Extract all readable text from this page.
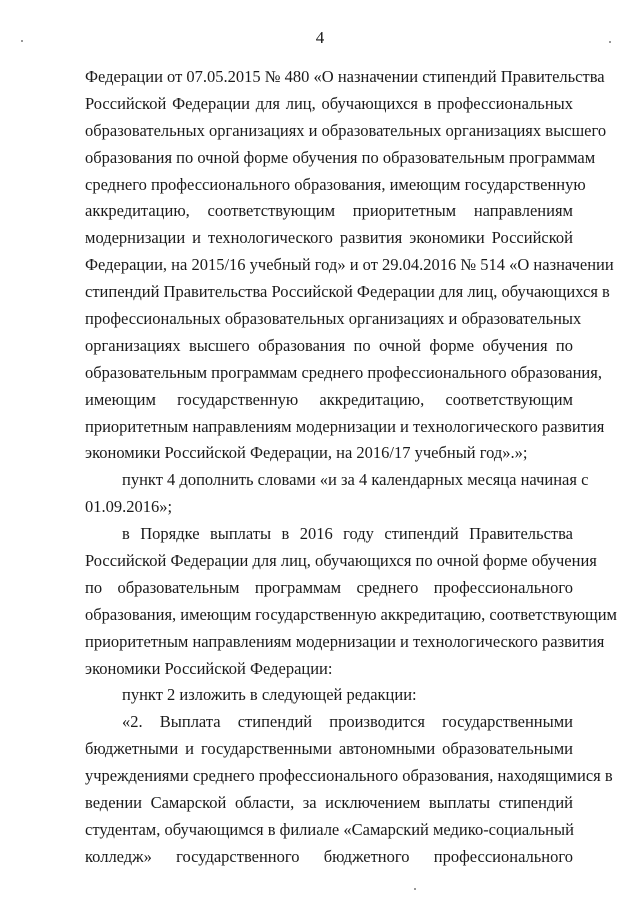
4
Федерации от 07.05.2015 № 480 «О назначении стипендий Правительства
Российской Федерации для лиц, обучающихся в профессиональных
образовательных организациях и образовательных организациях высшего
образования по очной форме обучения по образовательным программам
среднего профессионального образования, имеющим государственную
аккредитацию, соответствующим приоритетным направлениям
модернизации и технологического развития экономики Российской
Федерации, на 2015/16 учебный год» и от 29.04.2016 № 514 «О назначении
стипендий Правительства Российской Федерации для лиц, обучающихся в
профессиональных образовательных организациях и образовательных
организациях высшего образования по очной форме обучения по
образовательным программам среднего профессионального образования,
имеющим государственную аккредитацию, соответствующим
приоритетным направлениям модернизации и технологического развития
экономики Российской Федерации, на 2016/17 учебный год».»;
пункт 4 дополнить словами «и за 4 календарных месяца начиная с
01.09.2016»;
в Порядке выплаты в 2016 году стипендий Правительства
Российской Федерации для лиц, обучающихся по очной форме обучения
по образовательным программам среднего профессионального
образования, имеющим государственную аккредитацию, соответствующим
приоритетным направлениям модернизации и технологического развития
экономики Российской Федерации:
пункт 2 изложить в следующей редакции:
«2. Выплата стипендий производится государственными
бюджетными и государственными автономными образовательными
учреждениями среднего профессионального образования, находящимися в
ведении Самарской области, за исключением выплаты стипендий
студентам, обучающимся в филиале «Самарский медико-социальный
колледж» государственного бюджетного профессионального
